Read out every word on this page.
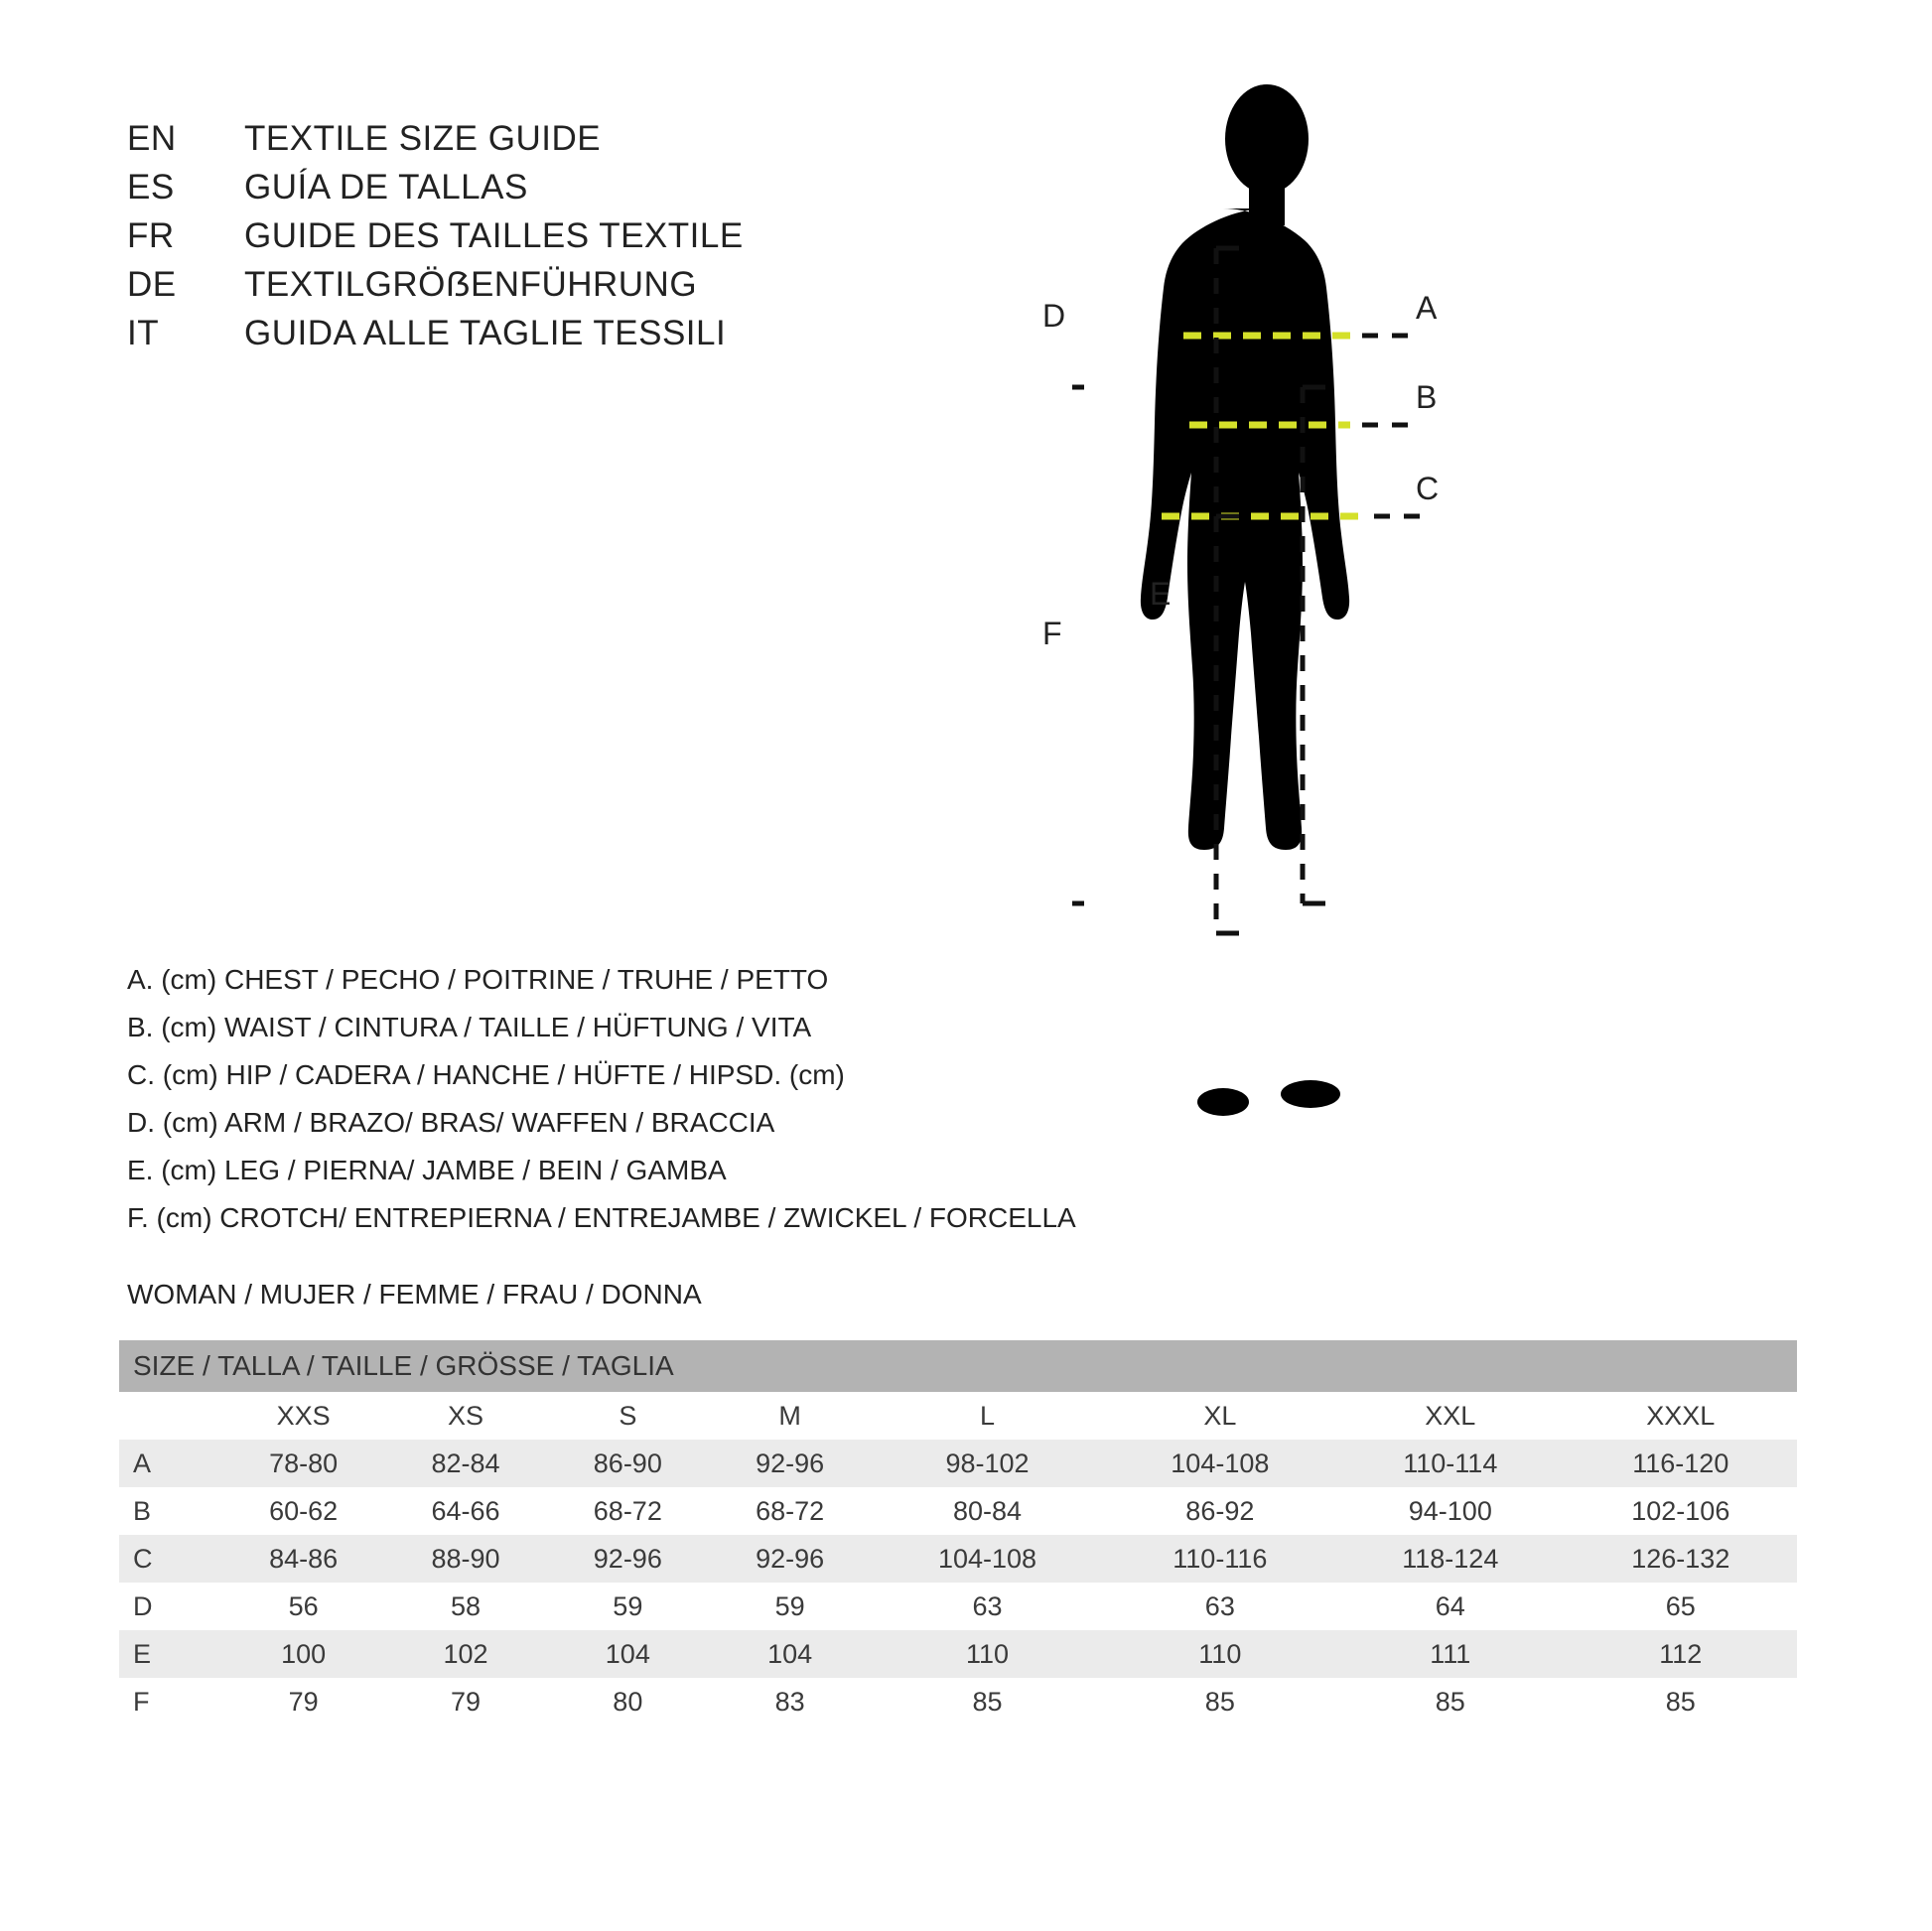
EN	TEXTILE SIZE GUIDE
ES	GUÍA DE TALLAS
FR	GUIDE DES TAILLES TEXTILE
DE	TEXTILGRÖẞENFÜHRUNG
IT	GUIDA ALLE TAGLIE TESSILI
A
B
C
E
D
F
A. (cm) CHEST / PECHO / POITRINE / TRUHE / PETTO
B. (cm) WAIST / CINTURA / TAILLE / HÜFTUNG / VITA
C. (cm) HIP / CADERA / HANCHE / HÜFTE / HIPSD. (cm)
D. (cm) ARM / BRAZO/ BRAS/ WAFFEN / BRACCIA
E. (cm) LEG / PIERNA/ JAMBE / BEIN / GAMBA
F. (cm) CROTCH/ ENTREPIERNA / ENTREJAMBE / ZWICKEL / FORCELLA
WOMAN / MUJER / FEMME / FRAU / DONNA
SIZE / TALLA / TAILLE / GRÖSSE / TAGLIA								
	XXS	XS	S	M	L	XL	XXL	XXXL
A	78-80	82-84	86-90	92-96	98-102	104-108	110-114	116-120
B	60-62	64-66	68-72	68-72	80-84	86-92	94-100	102-106
C	84-86	88-90	92-96	92-96	104-108	110-116	118-124	126-132
D	56	58	59	59	63	63	64	65
E	100	102	104	104	110	110	111	112
F	79	79	80	83	85	85	85	85
